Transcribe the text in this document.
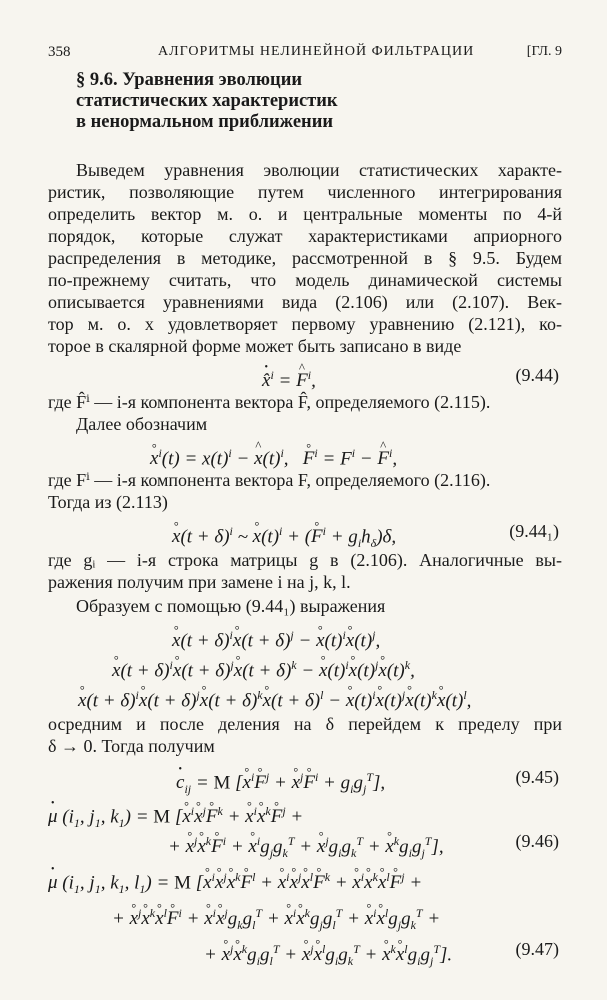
358	АЛГОРИТМЫ НЕЛИНЕЙНОЙ ФИЛЬТРАЦИИ	[ГЛ. 9
§ 9.6. Уравнения эволюции
статистических характеристик
в ненормальном приближении
Выведем уравнения эволюции статистических характе-
ристик, позволяющие путем численного интегрирования
определить вектор м. о. и центральные моменты по 4-й
порядок, которые служат характеристиками априорного
распределения в методике, рассмотренной в § 9.5. Будем
по-прежнему считать, что модель динамической системы
описывается уравнениями вида (2.106) или (2.107). Век-
тор м. о. x удовлетворяет первому уравнению (2.121), ко-
торое в скалярной форме может быть записано в виде
• x̂$^i$ = ^ $F^i$,	(9.44)
где F̂ⁱ — i-я компонента вектора F̂, определяемого (2.115).
Далее обозначим
° $x^i(t) = x(t)^i$ − ^ $x(t)^i$,   ° $F^i = F^i$ − ^ $F^i$,
где Fⁱ — i-я компонента вектора F, определяемого (2.116).
Тогда из (2.113)
° $x(t + \delta)^i$ ~ ° $x(t)^i$ + (° $F^i + g_ih_\delta)\delta$,	(9.44₁)
где gᵢ — i-я строка матрицы g в (2.106). Аналогичные вы-
ражения получим при замене i на j, k, l.
Образуем с помощью (9.44₁) выражения
° $x(t + \delta)^i^\circ$ $x(t + \delta)^j$ − ° $x(t)^i^\circ$ $x(t)^j$,
° $x(t + \delta)^i^\circ$ $x(t + \delta)^j^\circ$ $x(t + \delta)^k$ − ° $x(t)^i^\circ$ $x(t)^j^\circ$ $x(t)^k$,
° $x(t + \delta)^i^\circ$ $x(t + \delta)^j^\circ$ $x(t + \delta)^k^\circ$ $x(t + \delta)^l$ − ° $x(t)^i^\circ$ $x(t)^j^\circ$ $x(t)^k^\circ$ $x(t)^l$,
осредним и после деления на δ перейдем к пределу при
δ → 0. Тогда получим
• $c_{ij} = M$ [° $x^i^\circ$ $F^j$ + ° $x^j^\circ$ $F^i + g_ig_j^T$],	(9.45)
• μ ($i_1$, $j_1$, $k_1) = M$ [° $x^i^\circ$ $x^j^\circ$ $F^k$ + ° $x^i^\circ$ $x^k^\circ$ $F^j$ +
+ ° $x^j^\circ$ $x^k^\circ$ $F^i$ + ° $x^ig_jg_k^T$ + ° $x^jg_ig_k^T$ + ° $x^kg_ig_j^T$],	(9.46)
• μ ($i_1$, $j_1$, $k_1$, $l_1) = M$ [° $x^i^\circ$ $x^j^\circ$ $x^k^\circ$ $F^l$ + ° $x^i^\circ$ $x^j^\circ$ $x^l^\circ$ $F^k$ + ° $x^i^\circ$ $x^k^\circ$ $x^l^\circ$ $F^j$ +
+ ° $x^j^\circ$ $x^k^\circ$ $x^l^\circ$ $F^i$ + ° $x^i^\circ$ $x^jg_kg_l^T$ + ° $x^i^\circ$ $x^kg_jg_l^T$ + ° $x^i^\circ$ $x^lg_jg_k^T$ +
+ ° $x^j^\circ$ $x^kg_ig_l^T$ + ° $x^j^\circ$ $x^lg_ig_k^T$ + ° $x^k^\circ$ $x^lg_ig_j^T$].	(9.47)
